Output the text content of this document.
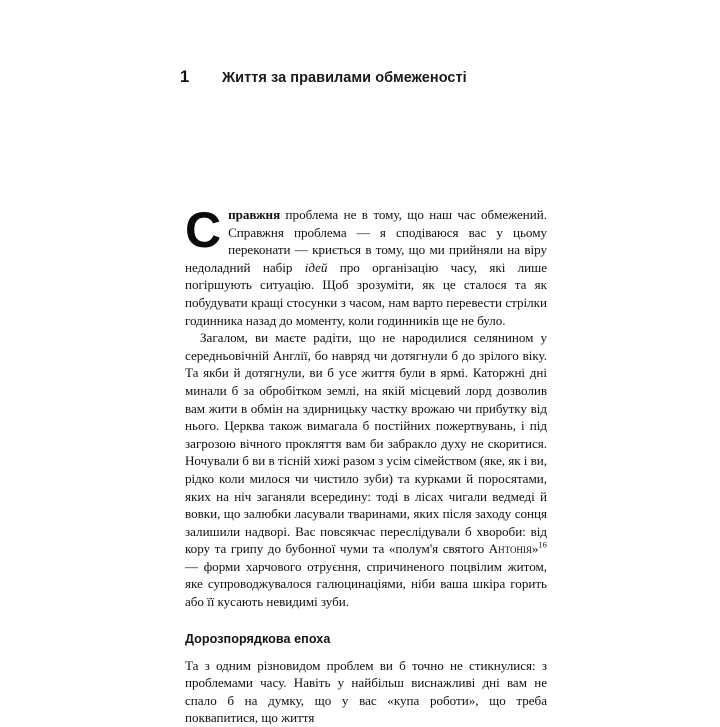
1	Життя за правилами обмеженості

Справжня проблема не в тому, що наш час обмежений. Справжня проблема — я сподіваюся вас у цьому переконати — криється в тому, що ми прийняли на віру недоладний набір ідей про організацію часу, які лише погіршують ситуацію. Щоб зрозуміти, як це сталося та як побудувати кращі стосунки з часом, нам варто перевести стрілки годинника назад до моменту, коли годинників ще не було.

Загалом, ви маєте радіти, що не народилися селянином у середньовічній Англії, бо навряд чи дотягнули б до зрілого віку. Та якби й дотягнули, ви б усе життя були в ярмі. Каторжні дні минали б за обробітком землі, на якій місцевий лорд дозволив вам жити в обмін на здирницьку частку врожаю чи прибутку від нього. Церква також вимагала б постійних пожертвувань, і під загрозою вічного прокляття вам би забракло духу не скоритися. Ночували б ви в тісній хижі разом з усім сімейством (яке, як і ви, рідко коли милося чи чистило зуби) та курками й поросятами, яких на ніч заганяли всередину: тоді в лісах чигали ведмеді й вовки, що залюбки ласували тваринами, яких після заходу сонця залишили надворі. Вас повсякчас переслідували б хвороби: від кору та грипу до бубонної чуми та «полум'я святого Антонія»$^{16}$ — форми харчового отруєння, спричиненого поцвілим житом, яке супроводжувалося галюцинаціями, ніби ваша шкіра горить або її кусають невидимі зуби.

Дорозпорядкова епоха

Та з одним різновидом проблем ви б точно не стикнулися: з проблемами часу. Навіть у найбільш виснажливі дні вам не спало б на думку, що у вас «купа роботи», що треба поквапитися, що життя
